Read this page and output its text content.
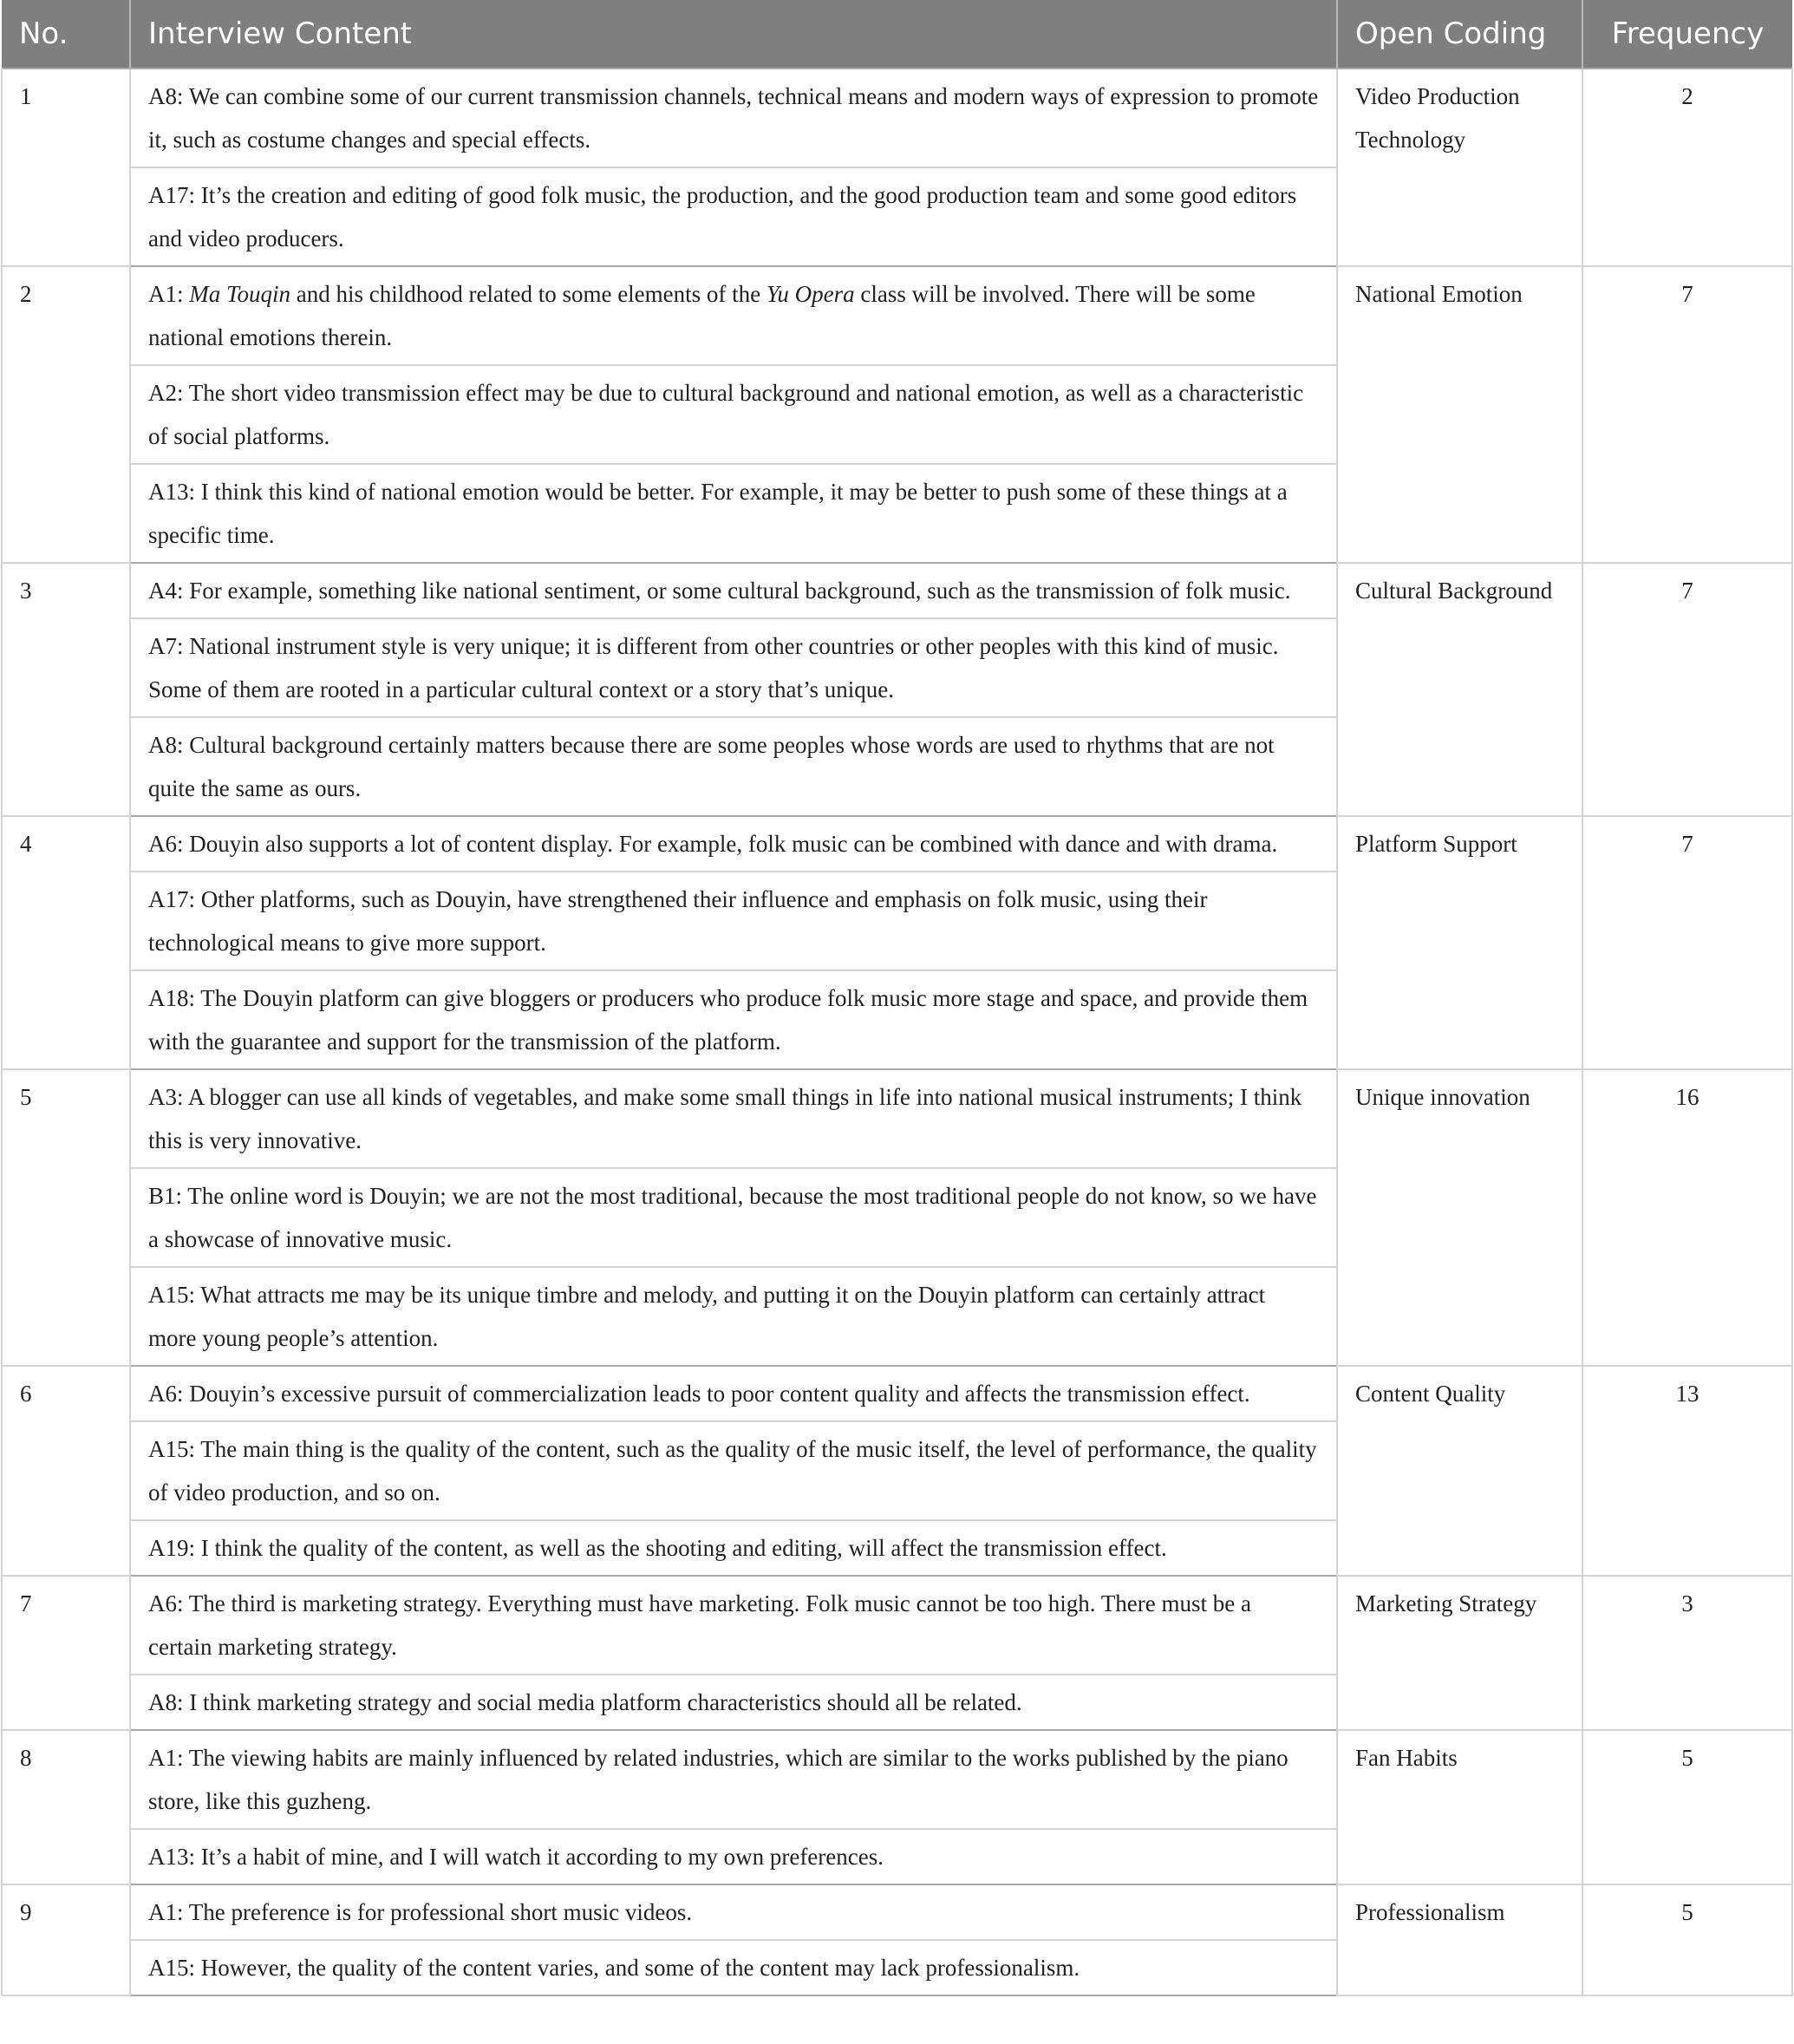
No.	Interview Content	Open Coding	Frequency
1	A8: We can combine some of our current transmission channels, technical means and modern ways of expression to promote it, such as costume changes and special effects.	Video Production Technology	2
	A17: It’s the creation and editing of good folk music, the production, and the good production team and some good editors and video producers.		
2	A1: Ma Touqin and his childhood related to some elements of the Yu Opera class will be involved. There will be some national emotions therein.	National Emotion	7
	A2: The short video transmission effect may be due to cultural background and national emotion, as well as a characteristic of social platforms.		
	A13: I think this kind of national emotion would be better. For example, it may be better to push some of these things at a specific time.		
3	A4: For example, something like national sentiment, or some cultural background, such as the transmission of folk music.	Cultural Background	7
	A7: National instrument style is very unique; it is different from other countries or other peoples with this kind of music. Some of them are rooted in a particular cultural context or a story that’s unique.		
	A8: Cultural background certainly matters because there are some peoples whose words are used to rhythms that are not quite the same as ours.		
4	A6: Douyin also supports a lot of content display. For example, folk music can be combined with dance and with drama.	Platform Support	7
	A17: Other platforms, such as Douyin, have strengthened their influence and emphasis on folk music, using their technological means to give more support.		
	A18: The Douyin platform can give bloggers or producers who produce folk music more stage and space, and provide them with the guarantee and support for the transmission of the platform.		
5	A3: A blogger can use all kinds of vegetables, and make some small things in life into national musical instruments; I think this is very innovative.	Unique innovation	16
	B1: The online word is Douyin; we are not the most traditional, because the most traditional people do not know, so we have a showcase of innovative music.		
	A15: What attracts me may be its unique timbre and melody, and putting it on the Douyin platform can certainly attract more young people’s attention.		
6	A6: Douyin’s excessive pursuit of commercialization leads to poor content quality and affects the transmission effect.	Content Quality	13
	A15: The main thing is the quality of the content, such as the quality of the music itself, the level of performance, the quality of video production, and so on.		
	A19: I think the quality of the content, as well as the shooting and editing, will affect the transmission effect.		
7	A6: The third is marketing strategy. Everything must have marketing. Folk music cannot be too high. There must be a certain marketing strategy.	Marketing Strategy	3
	A8: I think marketing strategy and social media platform characteristics should all be related.		
8	A1: The viewing habits are mainly influenced by related industries, which are similar to the works published by the piano store, like this guzheng.	Fan Habits	5
	A13: It’s a habit of mine, and I will watch it according to my own preferences.		
9	A1: The preference is for professional short music videos.	Professionalism	5
	A15: However, the quality of the content varies, and some of the content may lack professionalism.		
